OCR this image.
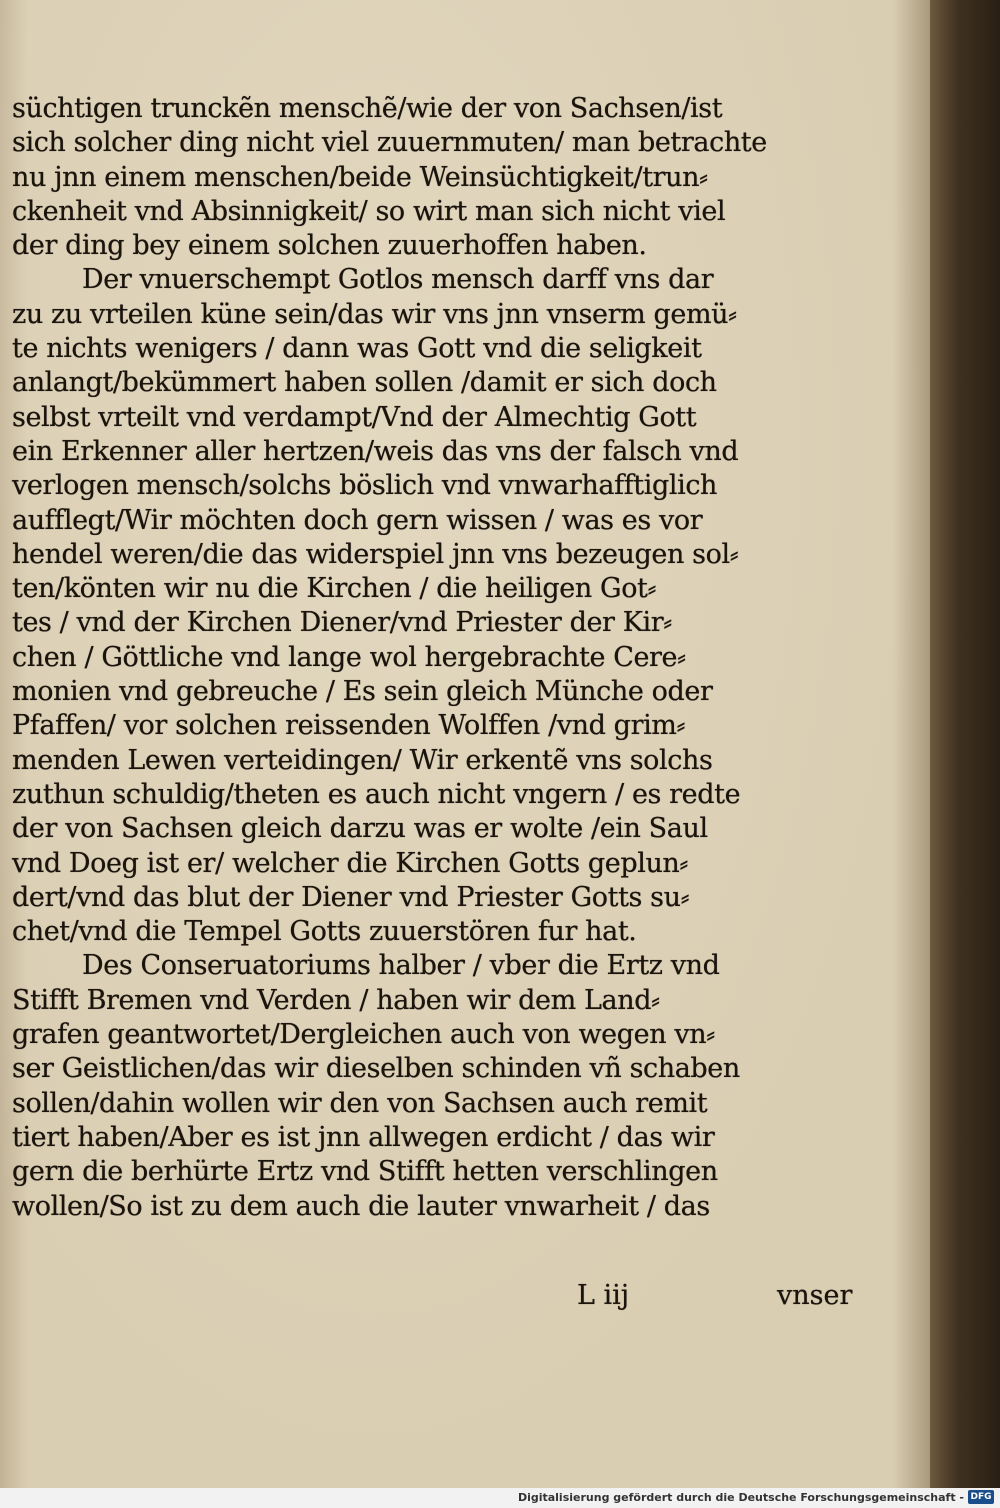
süchtigen trunckẽn menschẽ/wie der von Sachsen/ist
sich solcher ding nicht viel zuuernmuten/ man betrachte
nu jnn einem menschen/beide Weinsüchtigkeit/trun⸗
ckenheit vnd Absinnigkeit/ so wirt man sich nicht viel
der ding bey einem solchen zuuerhoffen haben.
Der vnuerschempt Gotlos mensch darff vns dar
zu zu vrteilen küne sein/das wir vns jnn vnserm gemü⸗
te nichts wenigers / dann was Gott vnd die seligkeit
anlangt/bekümmert haben sollen /damit er sich doch
selbst vrteilt vnd verdampt/Vnd der Almechtig Gott
ein Erkenner aller hertzen/weis das vns der falsch vnd
verlogen mensch/solchs böslich vnd vnwarhafftiglich
aufflegt/Wir möchten doch gern wissen / was es vor
hendel weren/die das widerspiel jnn vns bezeugen sol⸗
ten/könten wir nu die Kirchen / die heiligen Got⸗
tes / vnd der Kirchen Diener/vnd Priester der Kir⸗
chen / Göttliche vnd lange wol hergebrachte Cere⸗
monien vnd gebreuche / Es sein gleich Münche oder
Pfaffen/ vor solchen reissenden Wolffen /vnd grim⸗
menden Lewen verteidingen/ Wir erkentẽ vns solchs
zuthun schuldig/theten es auch nicht vngern / es redte
der von Sachsen gleich darzu was er wolte /ein Saul
vnd Doeg ist er/ welcher die Kirchen Gotts geplun⸗
dert/vnd das blut der Diener vnd Priester Gotts su⸗
chet/vnd die Tempel Gotts zuuerstören fur hat.
Des Conseruatoriums halber / vber die Ertz vnd
Stifft Bremen vnd Verden / haben wir dem Land⸗
grafen geantwortet/Dergleichen auch von wegen vn⸗
ser Geistlichen/das wir dieselben schinden vñ schaben
sollen/dahin wollen wir den von Sachsen auch remit
tiert haben/Aber es ist jnn allwegen erdicht / das wir
gern die berhürte Ertz vnd Stifft hetten verschlingen
wollen/So ist zu dem auch die lauter vnwarheit / das
L iij	vnser
Digitalisierung gefördert durch die Deutsche Forschungsgemeinschaft - DFG
